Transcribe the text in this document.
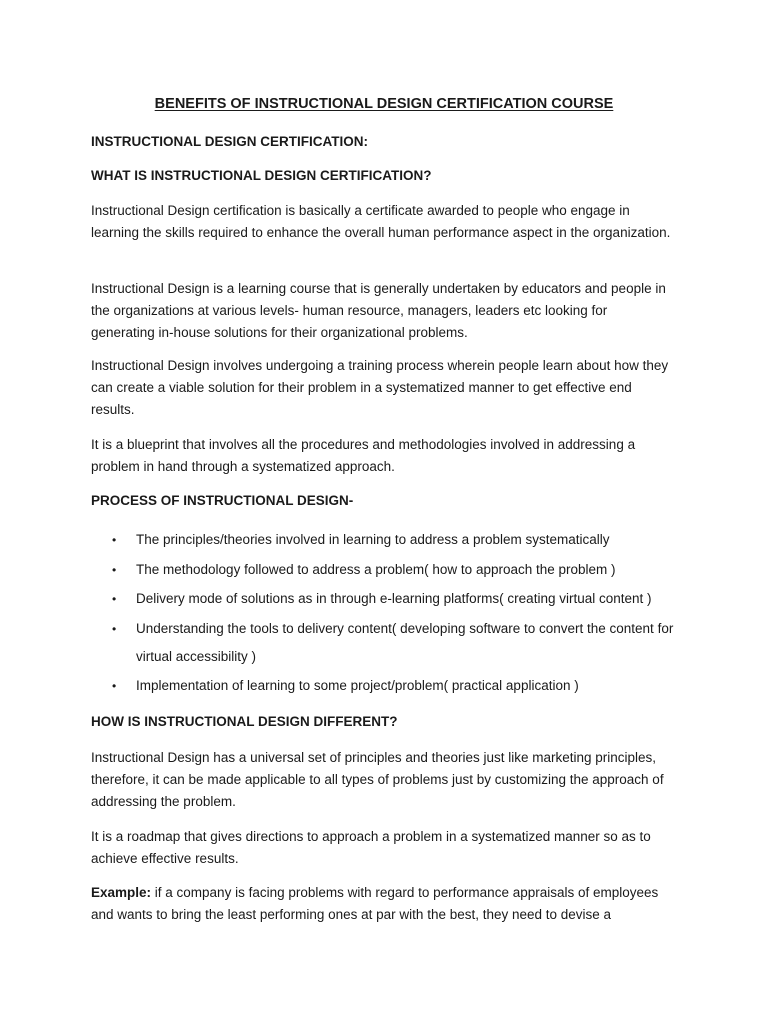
BENEFITS OF INSTRUCTIONAL DESIGN CERTIFICATION COURSE

INSTRUCTIONAL DESIGN CERTIFICATION:

WHAT IS INSTRUCTIONAL DESIGN CERTIFICATION?

Instructional Design certification is basically a certificate awarded to people who engage in learning the skills required to enhance the overall human performance aspect in the organization.

Instructional Design is a learning course that is generally undertaken by educators and people in the organizations at various levels- human resource, managers, leaders etc looking for generating in-house solutions for their organizational problems.

Instructional Design involves undergoing a training process wherein people learn about how they can create a viable solution for their problem in a systematized manner to get effective end results.

It is a blueprint that involves all the procedures and methodologies involved in addressing a problem in hand through a systematized approach.

PROCESS OF INSTRUCTIONAL DESIGN-

• The principles/theories involved in learning to address a problem systematically
• The methodology followed to address a problem( how to approach the problem )
• Delivery mode of solutions as in through e-learning platforms( creating virtual content )
• Understanding the tools to delivery content( developing software to convert the content for virtual accessibility )
• Implementation of learning to some project/problem( practical application )

HOW IS INSTRUCTIONAL DESIGN DIFFERENT?

Instructional Design has a universal set of principles and theories just like marketing principles, therefore, it can be made applicable to all types of problems just by customizing the approach of addressing the problem.

It is a roadmap that gives directions to approach a problem in a systematized manner so as to achieve effective results.

Example: if a company is facing problems with regard to performance appraisals of employees and wants to bring the least performing ones at par with the best, they need to devise a
